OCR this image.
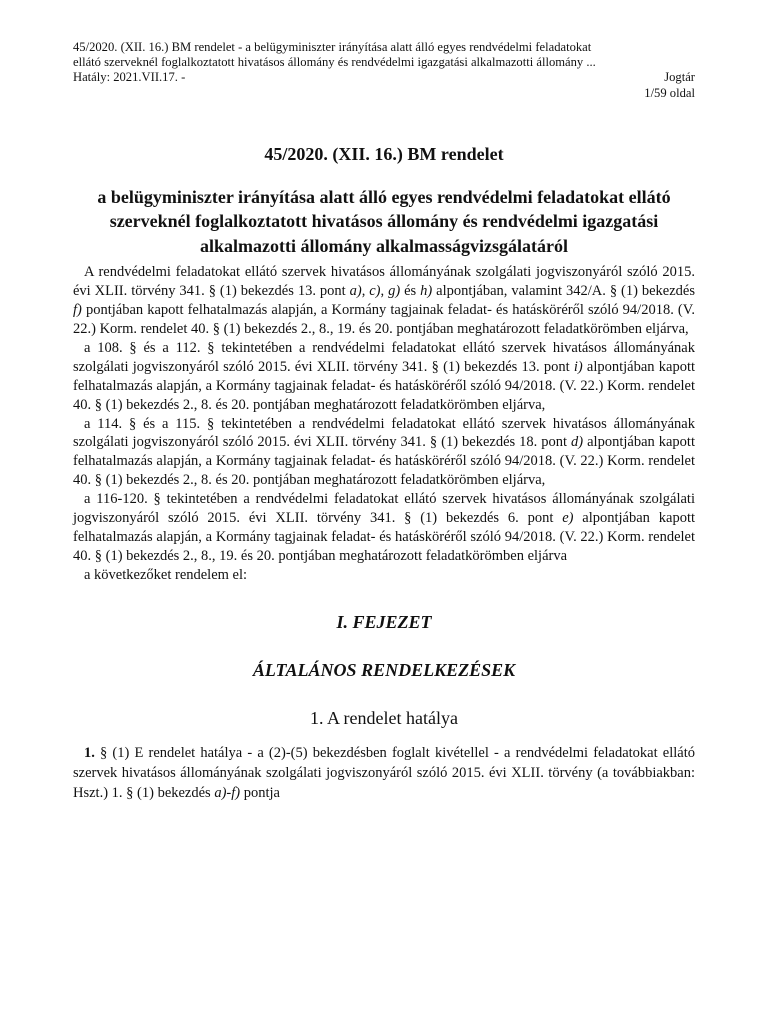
45/2020. (XII. 16.) BM rendelet - a belügyminiszter irányítása alatt álló egyes rendvédelmi feladatokat
ellátó szerveknél foglalkoztatott hivatásos állomány és rendvédelmi igazgatási alkalmazotti állomány ...
Hatály: 2021.VII.17. -	Jogtár
1/59 oldal
45/2020. (XII. 16.) BM rendelet
a belügyminiszter irányítása alatt álló egyes rendvédelmi feladatokat ellátó szerveknél foglalkoztatott hivatásos állomány és rendvédelmi igazgatási alkalmazotti állomány alkalmasságvizsgálatáról

A rendvédelmi feladatokat ellátó szervek hivatásos állományának szolgálati jogviszonyáról szóló 2015. évi XLII. törvény 341. § (1) bekezdés 13. pont a), c), g) és h) alpontjában, valamint 342/A. § (1) bekezdés f) pontjában kapott felhatalmazás alapján, a Kormány tagjainak feladat- és hatásköréről szóló 94/2018. (V. 22.) Korm. rendelet 40. § (1) bekezdés 2., 8., 19. és 20. pontjában meghatározott feladatkörömben eljárva,

a 108. § és a 112. § tekintetében a rendvédelmi feladatokat ellátó szervek hivatásos állományának szolgálati jogviszonyáról szóló 2015. évi XLII. törvény 341. § (1) bekezdés 13. pont i) alpontjában kapott felhatalmazás alapján, a Kormány tagjainak feladat- és hatásköréről szóló 94/2018. (V. 22.) Korm. rendelet 40. § (1) bekezdés 2., 8. és 20. pontjában meghatározott feladatkörömben eljárva,

a 114. § és a 115. § tekintetében a rendvédelmi feladatokat ellátó szervek hivatásos állományának szolgálati jogviszonyáról szóló 2015. évi XLII. törvény 341. § (1) bekezdés 18. pont d) alpontjában kapott felhatalmazás alapján, a Kormány tagjainak feladat- és hatásköréről szóló 94/2018. (V. 22.) Korm. rendelet 40. § (1) bekezdés 2., 8. és 20. pontjában meghatározott feladatkörömben eljárva,

a 116-120. § tekintetében a rendvédelmi feladatokat ellátó szervek hivatásos állományának szolgálati jogviszonyáról szóló 2015. évi XLII. törvény 341. § (1) bekezdés 6. pont e) alpontjában kapott felhatalmazás alapján, a Kormány tagjainak feladat- és hatásköréről szóló 94/2018. (V. 22.) Korm. rendelet 40. § (1) bekezdés 2., 8., 19. és 20. pontjában meghatározott feladatkörömben eljárva

a következőket rendelem el:

I. FEJEZET
ÁLTALÁNOS RENDELKEZÉSEK
1. A rendelet hatálya
1. § (1) E rendelet hatálya - a (2)-(5) bekezdésben foglalt kivétellel - a rendvédelmi feladatokat ellátó szervek hivatásos állományának szolgálati jogviszonyáról szóló 2015. évi XLII. törvény (a továbbiakban: Hszt.) 1. § (1) bekezdés a)-f) pontja
